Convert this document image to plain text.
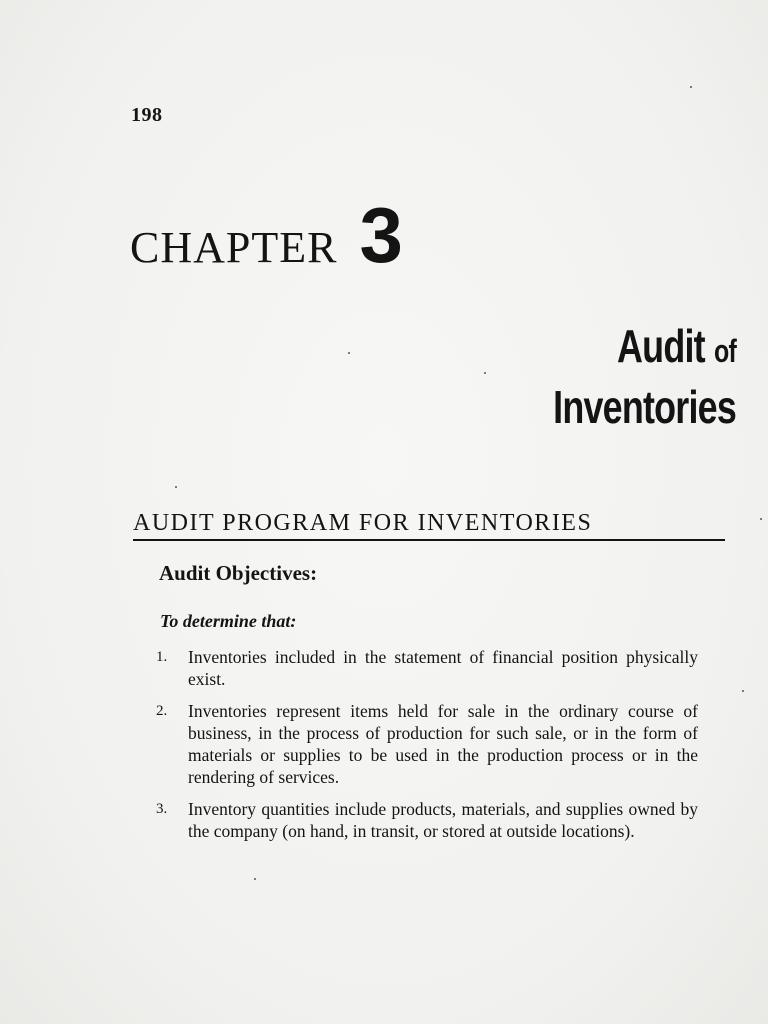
198
CHAPTER 3
Audit of
Inventories
AUDIT PROGRAM FOR INVENTORIES
Audit Objectives:
To determine that:
1. Inventories included in the statement of financial position physically exist.
2. Inventories represent items held for sale in the ordinary course of business, in the process of production for such sale, or in the form of materials or supplies to be used in the production process or in the rendering of services.
3. Inventory quantities include products, materials, and supplies owned by the company (on hand, in transit, or stored at outside locations).
